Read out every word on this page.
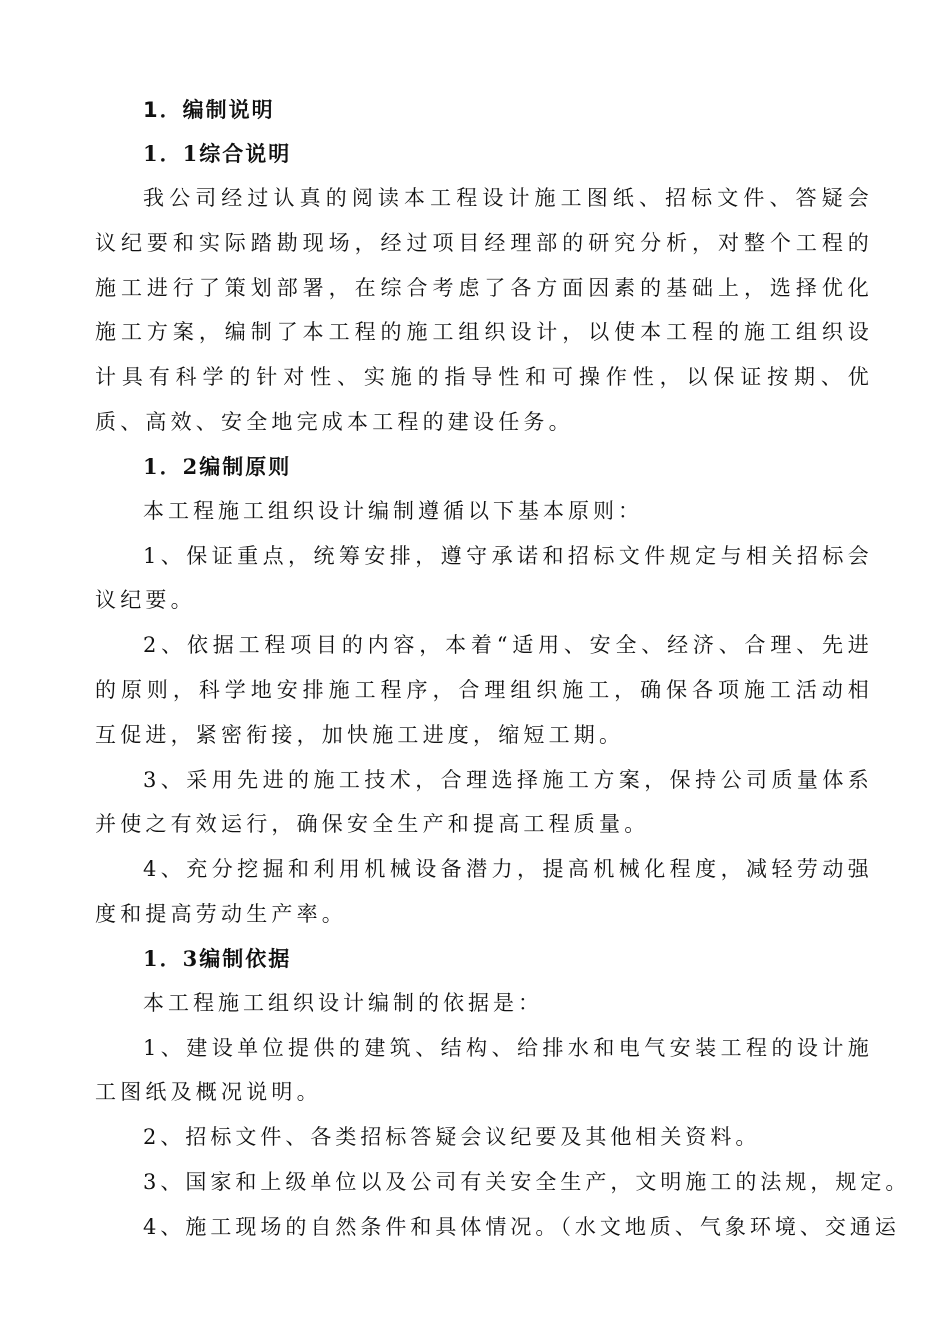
1．编制说明
1．1综合说明

我公司经过认真的阅读本工程设计施工图纸、招标文件、答疑会议纪要和实际踏勘现场，经过项目经理部的研究分析，对整个工程的施工进行了策划部署，在综合考虑了各方面因素的基础上，选择优化施工方案，编制了本工程的施工组织设计，以使本工程的施工组织设计具有科学的针对性、实施的指导性和可操作性，以保证按期、优质、高效、安全地完成本工程的建设任务。

1．2编制原则

本工程施工组织设计编制遵循以下基本原则：

1、保证重点，统筹安排，遵守承诺和招标文件规定与相关招标会议纪要。

2、依据工程项目的内容，本着“适用、安全、经济、合理、先进的原则，科学地安排施工程序，合理组织施工，确保各项施工活动相互促进，紧密衔接，加快施工进度，缩短工期。

3、采用先进的施工技术，合理选择施工方案，保持公司质量体系并使之有效运行，确保安全生产和提高工程质量。

4、充分挖掘和利用机械设备潜力，提高机械化程度，减轻劳动强度和提高劳动生产率。

1．3编制依据

本工程施工组织设计编制的依据是：

1、建设单位提供的建筑、结构、给排水和电气安装工程的设计施工图纸及概况说明。

2、招标文件、各类招标答疑会议纪要及其他相关资料。

3、国家和上级单位以及公司有关安全生产，文明施工的法规，规定。

4、施工现场的自然条件和具体情况。（水文地质、气象环境、交通运
